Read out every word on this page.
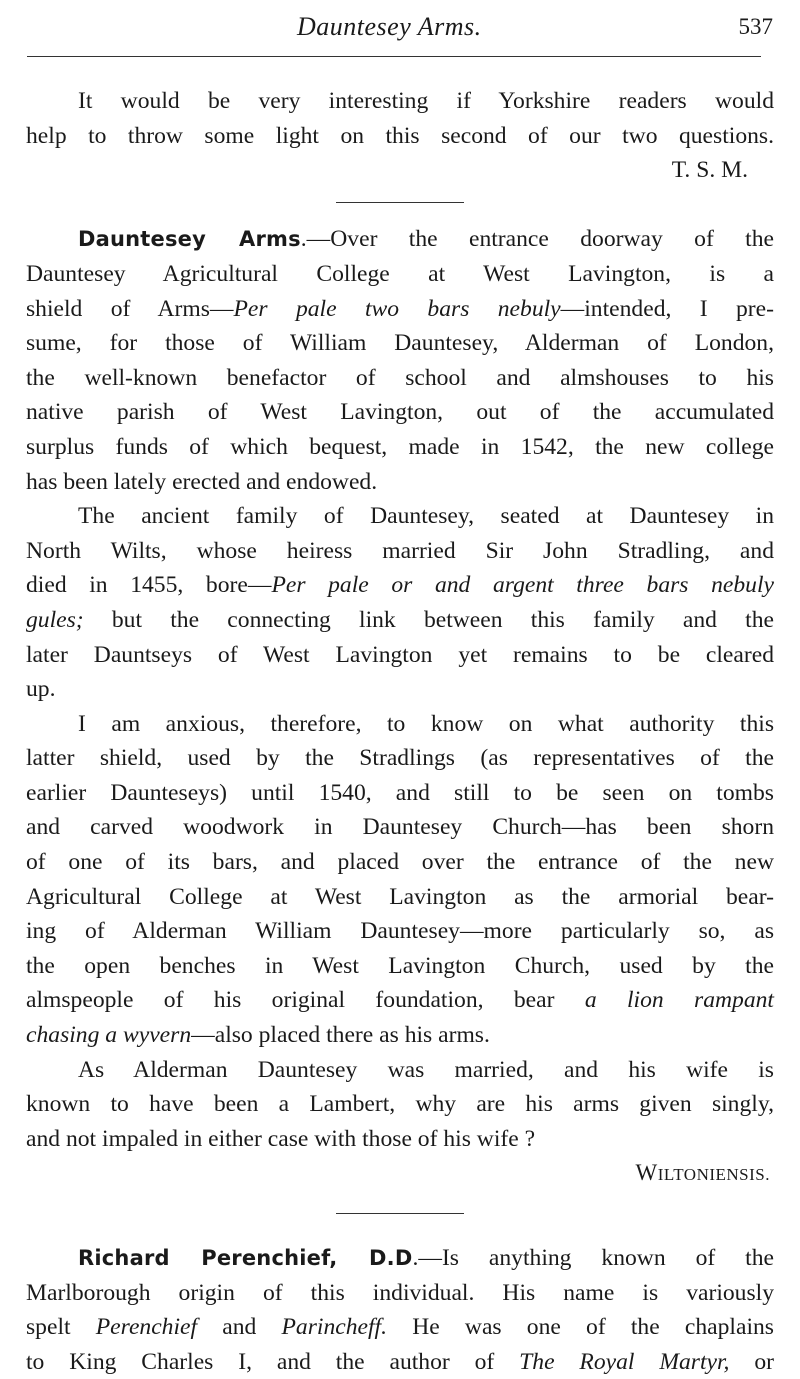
Dauntesey Arms.	537
It would be very interesting if Yorkshire readers would
help to throw some light on this second of our two questions.
T. S. M.
Dauntesey Arms.—Over the entrance doorway of the
Dauntesey Agricultural College at West Lavington, is a
shield of Arms—Per pale two bars nebuly—intended, I pre-
sume, for those of William Dauntesey, Alderman of London,
the well-known benefactor of school and almshouses to his
native parish of West Lavington, out of the accumulated
surplus funds of which bequest, made in 1542, the new college
has been lately erected and endowed.
The ancient family of Dauntesey, seated at Dauntesey in
North Wilts, whose heiress married Sir John Stradling, and
died in 1455, bore—Per pale or and argent three bars nebuly
gules; but the connecting link between this family and the
later Dauntseys of West Lavington yet remains to be cleared
up.
I am anxious, therefore, to know on what authority this
latter shield, used by the Stradlings (as representatives of the
earlier Daunteseys) until 1540, and still to be seen on tombs
and carved woodwork in Dauntesey Church—has been shorn
of one of its bars, and placed over the entrance of the new
Agricultural College at West Lavington as the armorial bear-
ing of Alderman William Dauntesey—more particularly so, as
the open benches in West Lavington Church, used by the
almspeople of his original foundation, bear a lion rampant
chasing a wyvern—also placed there as his arms.
As Alderman Dauntesey was married, and his wife is
known to have been a Lambert, why are his arms given singly,
and not impaled in either case with those of his wife ?
WILTONIENSIS.
Richard Perenchief, D.D.—Is anything known of the
Marlborough origin of this individual. His name is variously
spelt Perenchief and Parincheff. He was one of the chaplains
to King Charles I, and the author of The Royal Martyr, or
